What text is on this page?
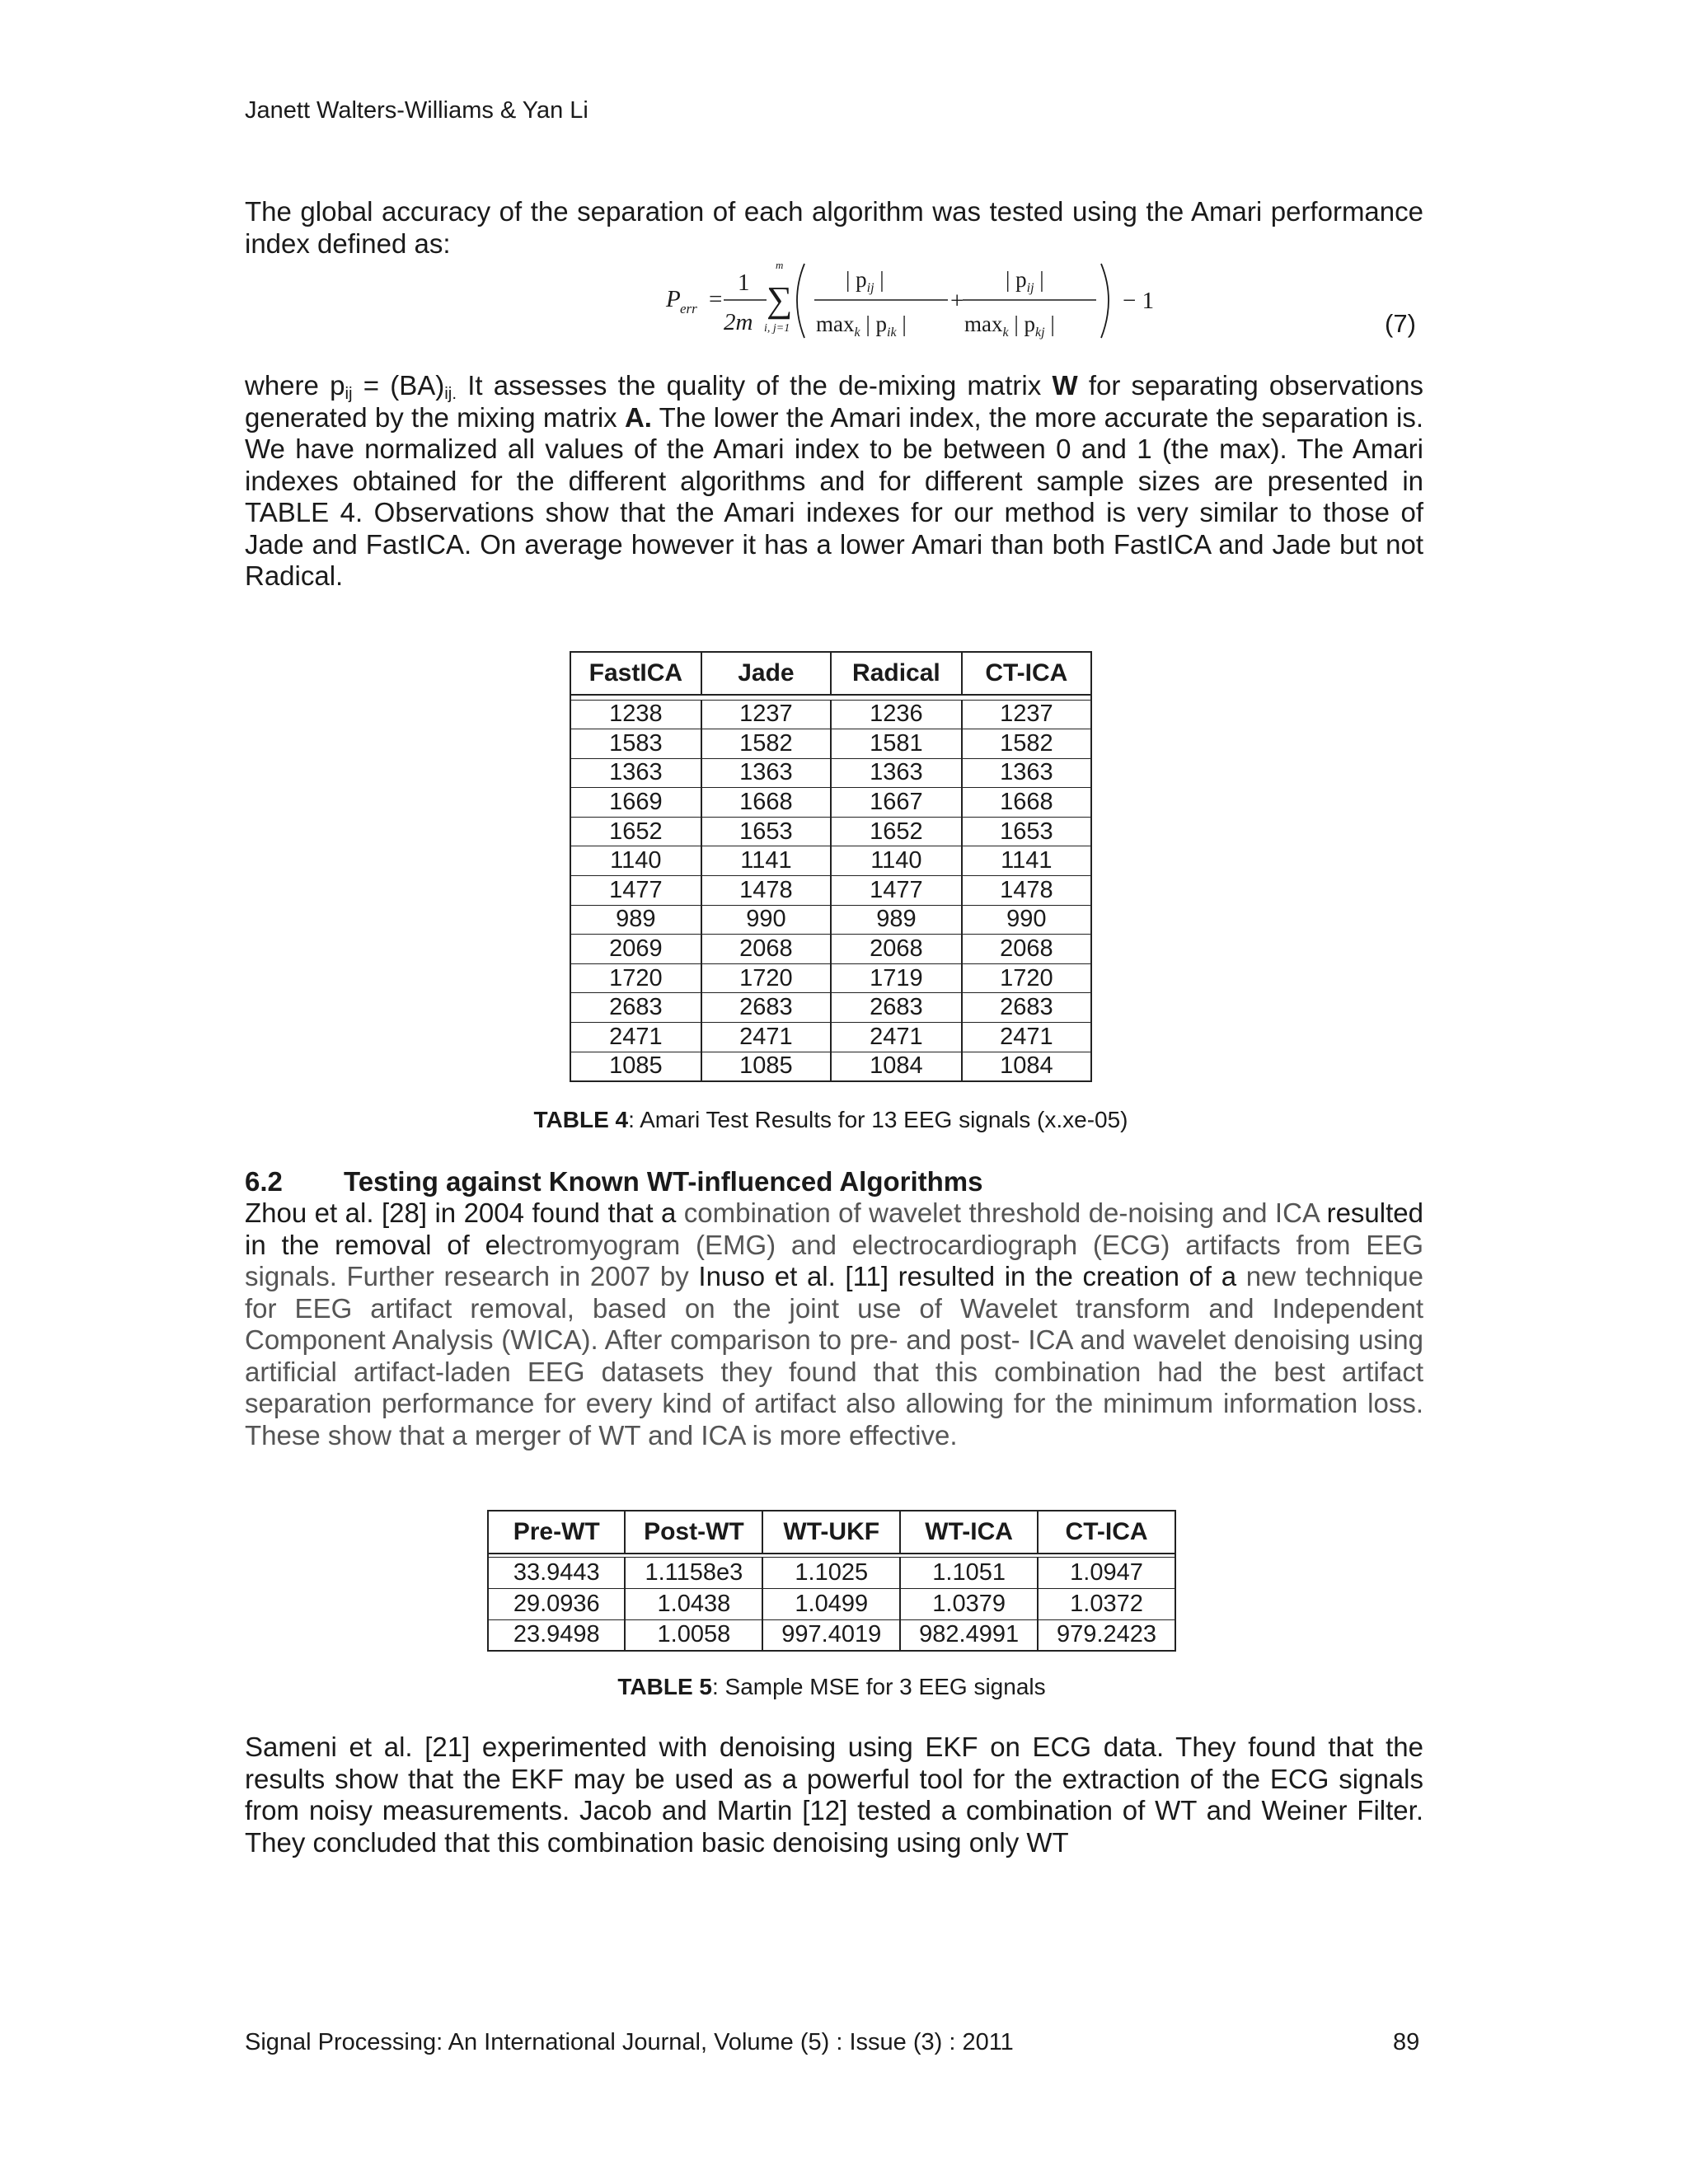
Janett Walters-Williams & Yan Li

The global accuracy of the separation of each algorithm was tested using the Amari performance index defined as:

P err =
1
2m
m
∑
i, j=1
| $p_{ij}$ |
$\max_k$ | $p_{ik}$ |
+
| $p_{ij}$ |
$\max_k$ | $p_{kj}$ |
− 1
(7)

where $p_{ij} = (BA)_{ij.}$ It assesses the quality of the de-mixing matrix W for separating observations generated by the mixing matrix A. The lower the Amari index, the more accurate the separation is. We have normalized all values of the Amari index to be between 0 and 1 (the max). The Amari indexes obtained for the different algorithms and for different sample sizes are presented in TABLE 4. Observations show that the Amari indexes for our method is very similar to those of Jade and FastICA. On average however it has a lower Amari than both FastICA and Jade but not Radical.

FastICA	Jade	Radical	CT-ICA

1238	1237	1236	1237
1583	1582	1581	1582
1363	1363	1363	1363
1669	1668	1667	1668
1652	1653	1652	1653
1140	1141	1140	1141
1477	1478	1477	1478
989	990	989	990
2069	2068	2068	2068
1720	1720	1719	1720
2683	2683	2683	2683
2471	2471	2471	2471
1085	1085	1084	1084
TABLE 4: Amari Test Results for 13 EEG signals (x.xe-05)
6.2 Testing against Known WT-influenced Algorithms

Zhou et al. [28] in 2004 found that a combination of wavelet threshold de-noising and ICA resulted in the removal of electromyogram (EMG) and electrocardiograph (ECG) artifacts from EEG signals. Further research in 2007 by Inuso et al. [11] resulted in the creation of a new technique for EEG artifact removal, based on the joint use of Wavelet transform and Independent Component Analysis (WICA). After comparison to pre- and post- ICA and wavelet denoising using artificial artifact-laden EEG datasets they found that this combination had the best artifact separation performance for every kind of artifact also allowing for the minimum information loss. These show that a merger of WT and ICA is more effective.

Pre-WT	Post-WT	WT-UKF	WT-ICA	CT-ICA

33.9443	1.1158e3	1.1025	1.1051	1.0947
29.0936	1.0438	1.0499	1.0379	1.0372
23.9498	1.0058	997.4019	982.4991	979.2423
TABLE 5: Sample MSE for 3 EEG signals

Sameni et al. [21] experimented with denoising using EKF on ECG data. They found that the results show that the EKF may be used as a powerful tool for the extraction of the ECG signals from noisy measurements. Jacob and Martin [12] tested a combination of WT and Weiner Filter. They concluded that this combination basic denoising using only WT

Signal Processing: An International Journal, Volume (5) : Issue (3) : 2011	89
